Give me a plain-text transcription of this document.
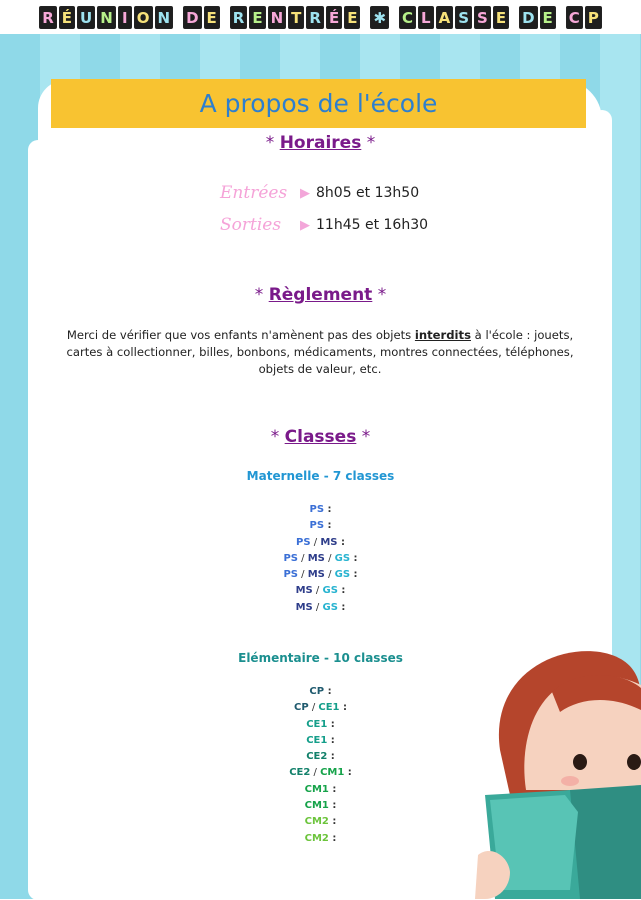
R É U N I O N D E R E N T R É E ✱ C L A S S E D E C P
A propos de l'école
* Horaires *
Entrées ▶ 8h05 et 13h50
Sorties	▶ 11h45 et 16h30
* Règlement *
Merci de vérifier que vos enfants n'amènent pas des objets interdits à l'école : jouets, cartes à collectionner, billes, bonbons, médicaments, montres connectées, téléphones, objets de valeur, etc.
* Classes *
Maternelle - 7 classes
PS :
PS :
PS / MS :
PS / MS / GS :
PS / MS / GS :
MS / GS :
MS / GS :
Elémentaire - 10 classes
CP :
CP / CE1 :
CE1 :
CE1 :
CE2 :
CE2 / CM1 :
CM1 :
CM1 :
CM2 :
CM2 :
